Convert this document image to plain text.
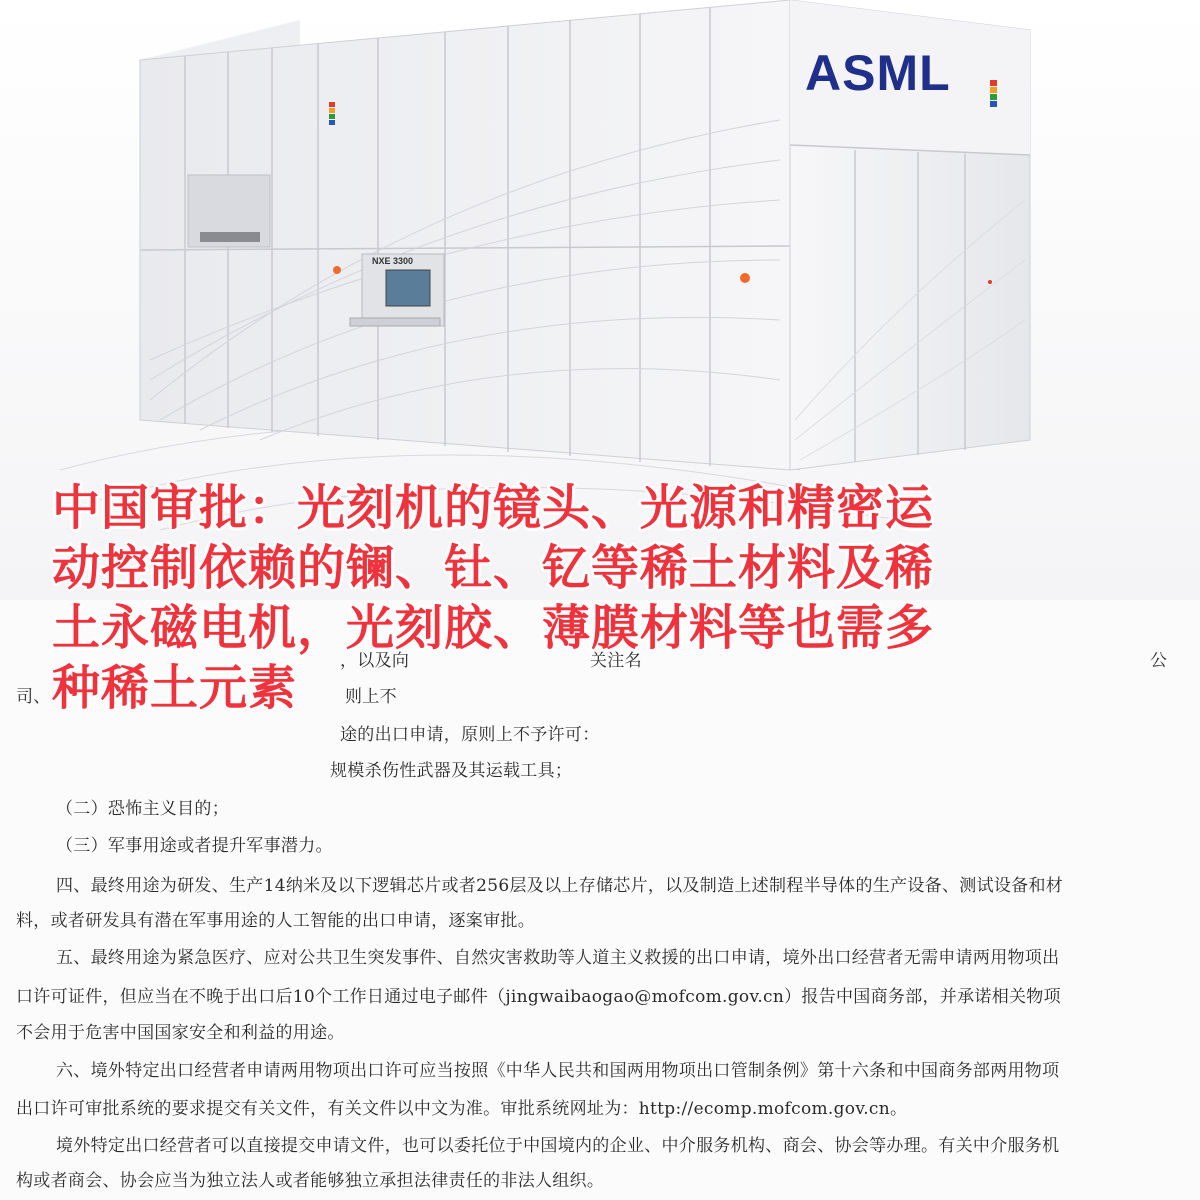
NXE 3300
ASML
关注名	公
，以及向
司、	则上不
途的出口申请，原则上不予许可：
规模杀伤性武器及其运载工具；
（二）恐怖主义目的；
（三）军事用途或者提升军事潜力。
四、最终用途为研发、生产14纳米及以下逻辑芯片或者256层及以上存储芯片，以及制造上述制程半导体的生产设备、测试设备和材
料，或者研发具有潜在军事用途的人工智能的出口申请，逐案审批。
五、最终用途为紧急医疗、应对公共卫生突发事件、自然灾害救助等人道主义救援的出口申请，境外出口经营者无需申请两用物项出
口许可证件，但应当在不晚于出口后10个工作日通过电子邮件（jingwaibaogao@mofcom.gov.cn）报告中国商务部，并承诺相关物项
不会用于危害中国国家安全和利益的用途。
六、境外特定出口经营者申请两用物项出口许可应当按照《中华人民共和国两用物项出口管制条例》第十六条和中国商务部两用物项
出口许可审批系统的要求提交有关文件，有关文件以中文为准。审批系统网址为：http://ecomp.mofcom.gov.cn。
境外特定出口经营者可以直接提交申请文件，也可以委托位于中国境内的企业、中介服务机构、商会、协会等办理。有关中介服务机
构或者商会、协会应当为独立法人或者能够独立承担法律责任的非法人组织。
中国审批：光刻机的镜头、光源和精密运
动控制依赖的镧、钍、钇等稀土材料及稀
土永磁电机，光刻胶、薄膜材料等也需多
种稀土元素
